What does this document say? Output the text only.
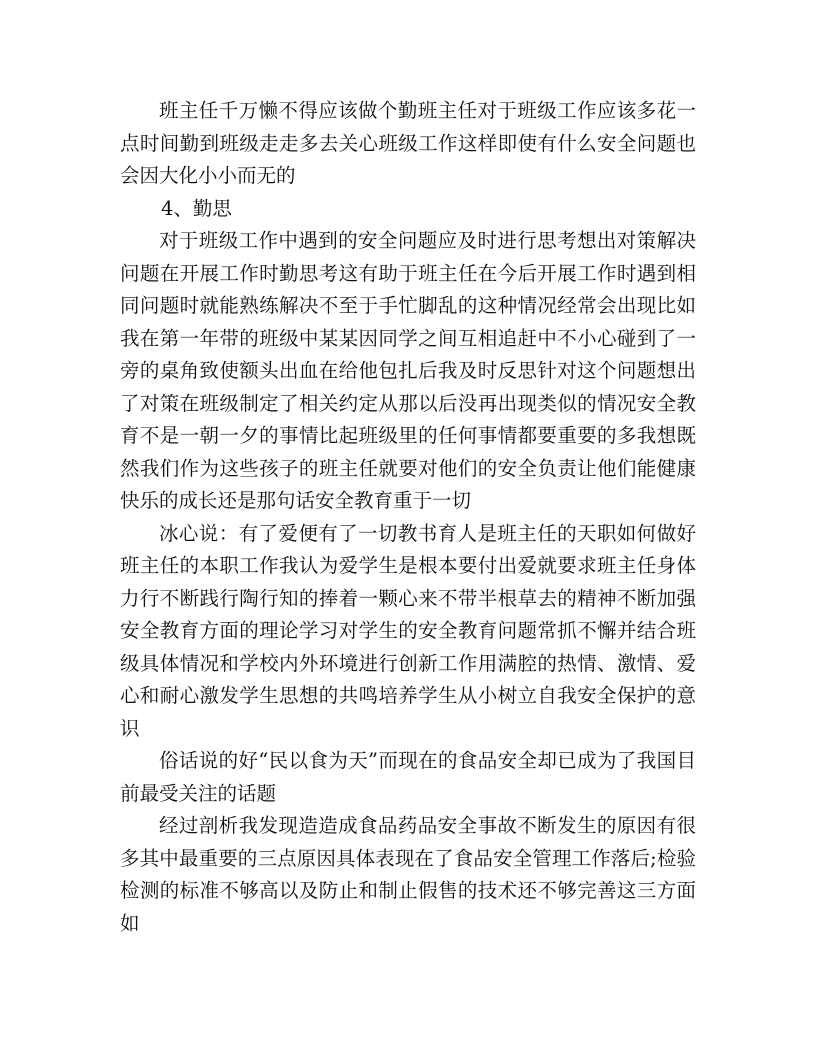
班主任千万懒不得应该做个勤班主任对于班级工作应该多花一点时间勤到班级走走多去关心班级工作这样即使有什么安全问题也会因大化小小而无的

4、勤思

对于班级工作中遇到的安全问题应及时进行思考想出对策解决问题在开展工作时勤思考这有助于班主任在今后开展工作时遇到相同问题时就能熟练解决不至于手忙脚乱的这种情况经常会出现比如我在第一年带的班级中某某因同学之间互相追赶中不小心碰到了一旁的桌角致使额头出血在给他包扎后我及时反思针对这个问题想出了对策在班级制定了相关约定从那以后没再出现类似的情况安全教育不是一朝一夕的事情比起班级里的任何事情都要重要的多我想既然我们作为这些孩子的班主任就要对他们的安全负责让他们能健康快乐的成长还是那句话安全教育重于一切

冰心说：有了爱便有了一切教书育人是班主任的天职如何做好班主任的本职工作我认为爱学生是根本要付出爱就要求班主任身体力行不断践行陶行知的捧着一颗心来不带半根草去的精神不断加强安全教育方面的理论学习对学生的安全教育问题常抓不懈并结合班级具体情况和学校内外环境进行创新工作用满腔的热情、激情、爱心和耐心激发学生思想的共鸣培养学生从小树立自我安全保护的意识

俗话说的好“民以食为天”而现在的食品安全却已成为了我国目前最受关注的话题

经过剖析我发现造造成食品药品安全事故不断发生的原因有很多其中最重要的三点原因具体表现在了食品安全管理工作落后;检验检测的标准不够高以及防止和制止假售的技术还不够完善这三方面如
